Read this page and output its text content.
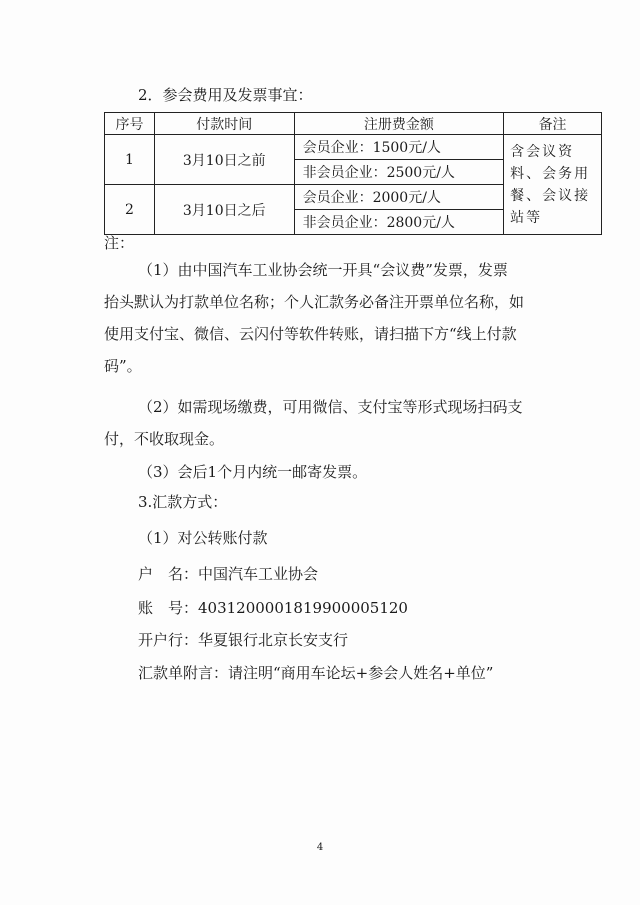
2．参会费用及发票事宜：
序号	付款时间	注册费金额	备注
1	3月10日之前	会员企业：1500元/人	含会议资料、会务用餐、会议接站等
		非会员企业：2500元/人	
2	3月10日之后	会员企业：2000元/人	
		非会员企业：2800元/人	
注：
（1）由中国汽车工业协会统一开具“会议费”发票，发票
抬头默认为打款单位名称；个人汇款务必备注开票单位名称，如
使用支付宝、微信、云闪付等软件转账，请扫描下方“线上付款
码”。
（2）如需现场缴费，可用微信、支付宝等形式现场扫码支
付，不收取现金。
（3）会后1个月内统一邮寄发票。
3.汇款方式：
（1）对公转账付款
户　名：中国汽车工业协会
账　号：40312000018199000051​20
开户行：华夏银行北京长安支行
汇款单附言：请注明“商用车论坛+参会人姓名+单位”
4
